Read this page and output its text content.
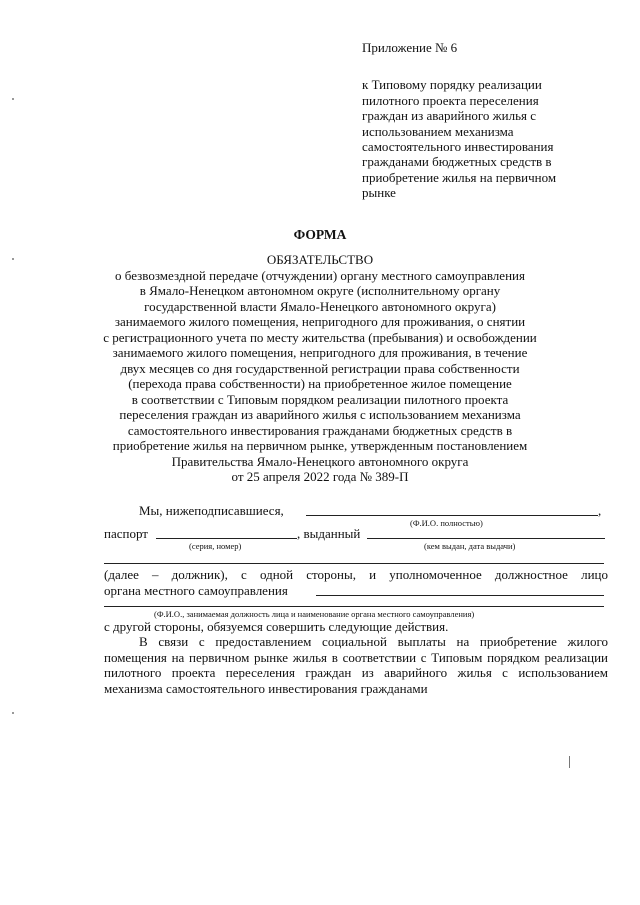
Приложение № 6
к Типовому порядку реализации
пилотного проекта переселения
граждан из аварийного жилья с
использованием механизма
самостоятельного инвестирования
гражданами бюджетных средств в
приобретение жилья на первичном
рынке
ФОРМА
ОБЯЗАТЕЛЬСТВО
о безвозмездной передаче (отчуждении) органу местного самоуправления
в Ямало-Ненецком автономном округе (исполнительному органу
государственной власти Ямало-Ненецкого автономного округа)
занимаемого жилого помещения, непригодного для проживания, о снятии
с регистрационного учета по месту жительства (пребывания) и освобождении
занимаемого жилого помещения, непригодного для проживания, в течение
двух месяцев со дня государственной регистрации права собственности
(перехода права собственности) на приобретенное жилое помещение
в соответствии с Типовым порядком реализации пилотного проекта
переселения граждан из аварийного жилья с использованием механизма
самостоятельного инвестирования гражданами бюджетных средств в
приобретение жилья на первичном рынке, утвержденным постановлением
Правительства Ямало-Ненецкого автономного округа
от 25 апреля 2022 года № 389-П
Мы, нижеподписавшиеся,	,
(Ф.И.О. полностью)
паспорт	, выданный
(серия, номер)	(кем выдан, дата выдачи)
(далее – должник), с одной стороны, и уполномоченное должностное лицо
органа местного самоуправления
(Ф.И.О., занимаемая должность лица и наименование органа местного самоуправления)
с другой стороны, обязуемся совершить следующие действия.
В связи с предоставлением социальной выплаты на приобретение жилого помещения на первичном рынке жилья в соответствии с Типовым порядком реализации пилотного проекта переселения граждан из аварийного жилья с использованием механизма самостоятельного инвестирования гражданами
